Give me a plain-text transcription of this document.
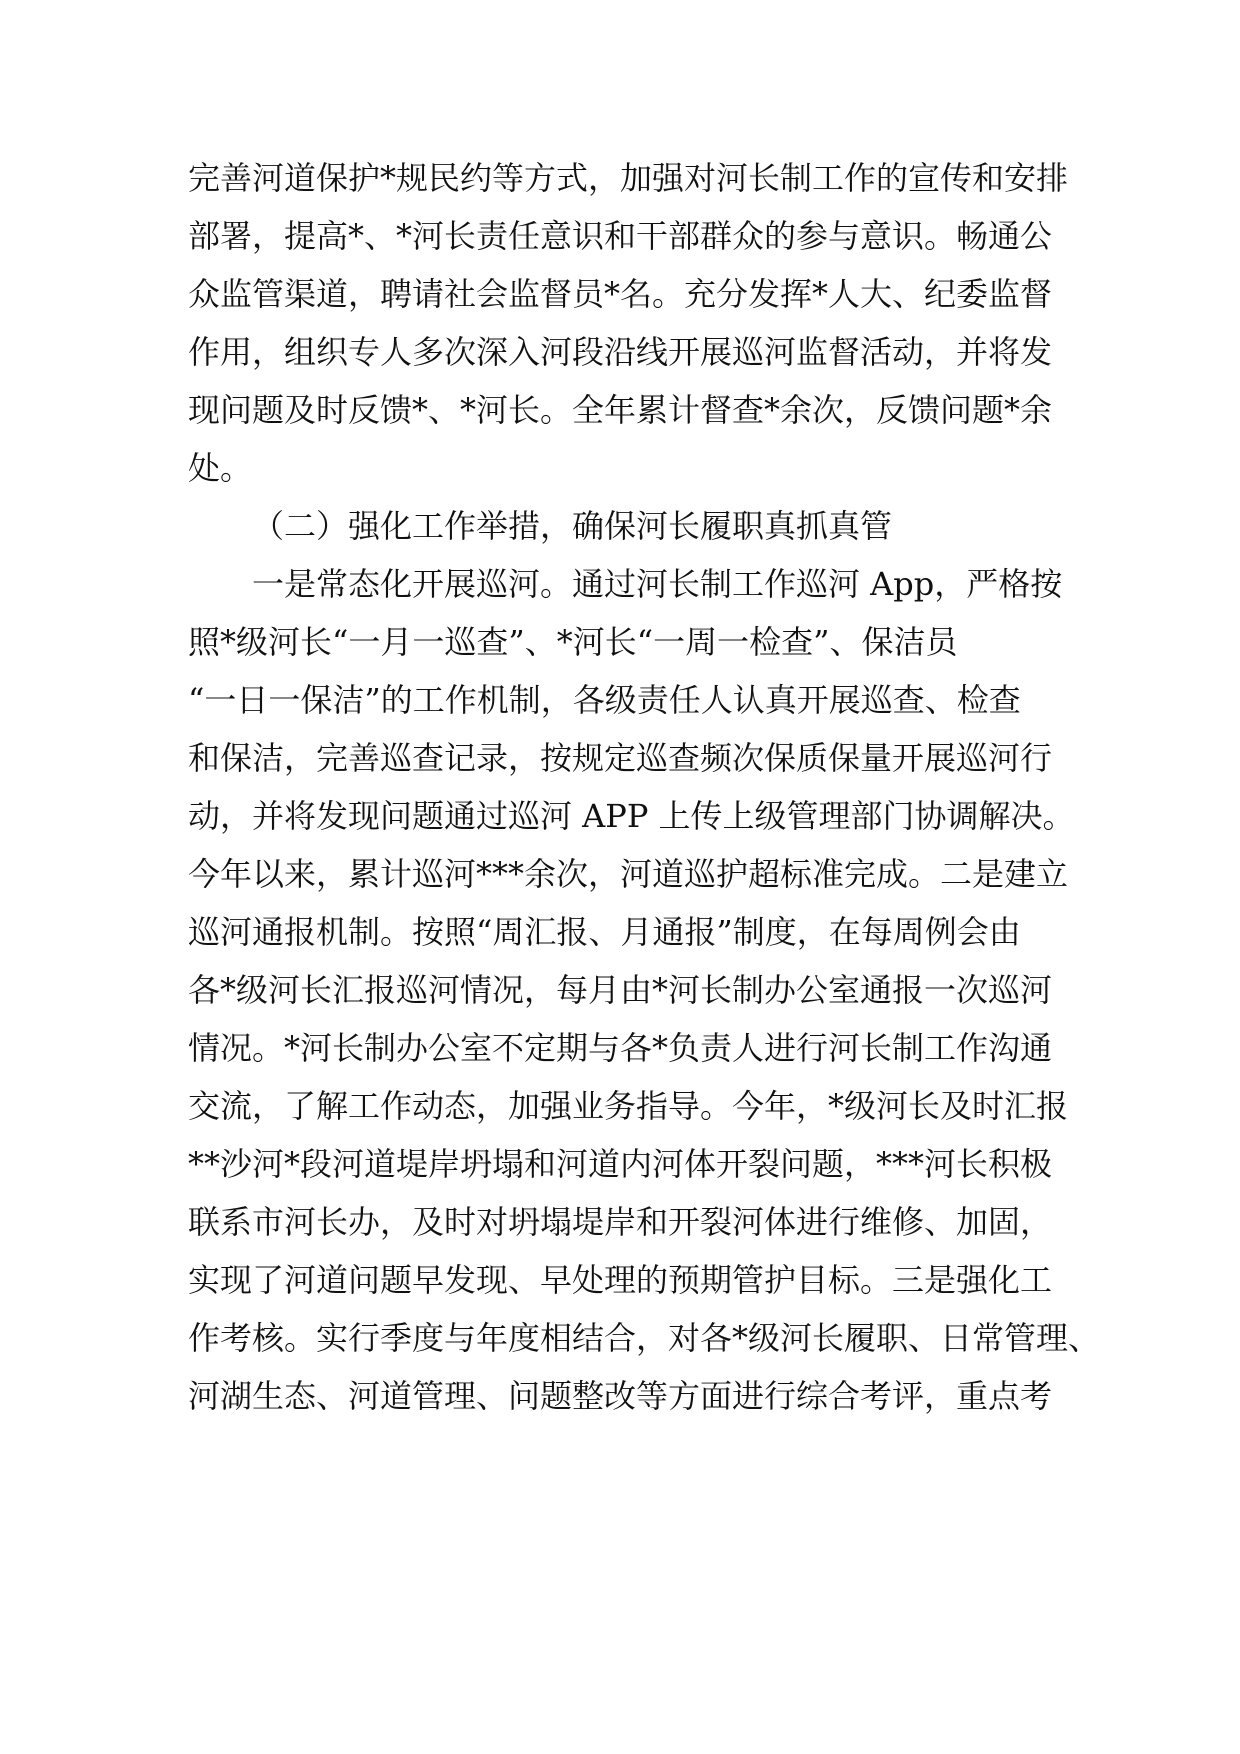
完善河道保护*规民约等方式，加强对河长制工作的宣传和安排
部署，提高*、*河长责任意识和干部群众的参与意识。畅通公
众监管渠道，聘请社会监督员*名。充分发挥*人大、纪委监督
作用，组织专人多次深入河段沿线开展巡河监督活动，并将发
现问题及时反馈*、*河长。全年累计督查*余次，反馈问题*余
处。
（二）强化工作举措，确保河长履职真抓真管
一是常态化开展巡河。通过河长制工作巡河 App，严格按
照*级河长“一月一巡查”、*河长“一周一检查”、保洁员
“一日一保洁”的工作机制，各级责任人认真开展巡查、检查
和保洁，完善巡查记录，按规定巡查频次保质保量开展巡河行
动，并将发现问题通过巡河 APP 上传上级管理部门协调解决。
今年以来，累计巡河***余次，河道巡护超标准完成。二是建立
巡河通报机制。按照“周汇报、月通报”制度，在每周例会由
各*级河长汇报巡河情况，每月由*河长制办公室通报一次巡河
情况。*河长制办公室不定期与各*负责人进行河长制工作沟通
交流，了解工作动态，加强业务指导。今年，*级河长及时汇报
**沙河*段河道堤岸坍塌和河道内河体开裂问题，***河长积极
联系市河长办，及时对坍塌堤岸和开裂河体进行维修、加固，
实现了河道问题早发现、早处理的预期管护目标。三是强化工
作考核。实行季度与年度相结合，对各*级河长履职、日常管理、
河湖生态、河道管理、问题整改等方面进行综合考评，重点考
